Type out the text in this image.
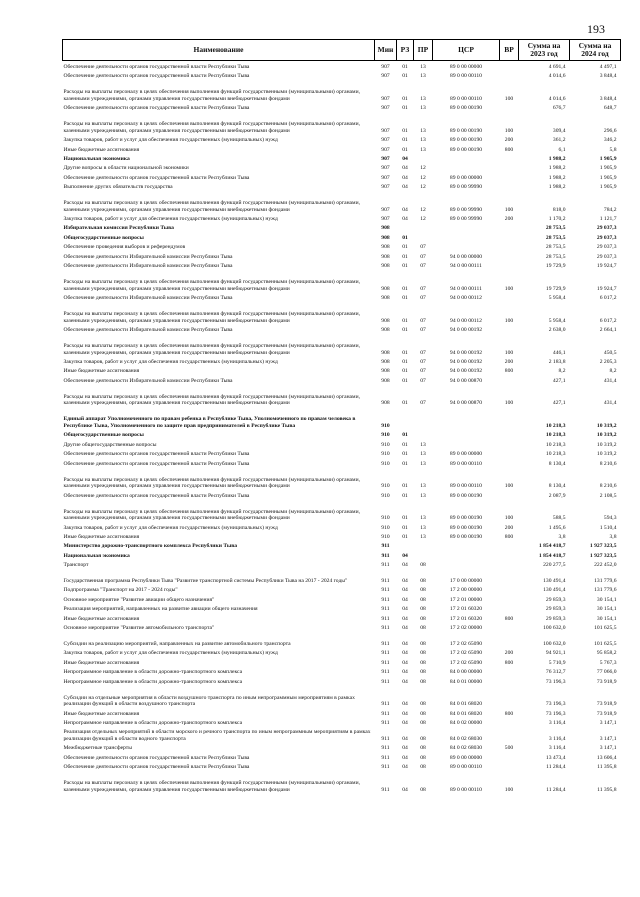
193
Наименование	Мин	РЗ	ПР	ЦСР	ВР	Сумма на 2023 год	Сумма на 2024 год
Обеспечение деятельности органов государственной власти Республики Тыва	907	01	13	89 0 00 00000		4 691,4	4 497,1
Обеспечение деятельности органов государственной власти Республики Тыва	907	01	13	89 0 00 00110		4 014,6	3 848,4
Расходы на выплаты персоналу в целях обеспечения выполнения функций государственными (муниципальными) органами, казенными учреждениями, органами управления государственными внебюджетными фондами	907	01	13	89 0 00 00110	100	4 014,6	3 848,4
Обеспечение деятельности органов государственной власти Республики Тыва	907	01	13	89 0 00 00190		676,7	648,7
Расходы на выплаты персоналу в целях обеспечения выполнения функций государственными (муниципальными) органами, казенными учреждениями, органами управления государственными внебюджетными фондами	907	01	13	89 0 00 00190	100	309,4	296,6
Закупка товаров, работ и услуг для обеспечения государственных (муниципальных) нужд	907	01	13	89 0 00 00190	200	361,2	346,2
Иные бюджетные ассигнования	907	01	13	89 0 00 00190	800	6,1	5,8
Национальная экономика	907	04				1 988,2	1 905,9
Другие вопросы в области национальной экономики	907	04	12			1 988,2	1 905,9
Обеспечение деятельности органов государственной власти Республики Тыва	907	04	12	89 0 00 00000		1 988,2	1 905,9
Выполнение других обязательств государства	907	04	12	89 0 00 99990		1 988,2	1 905,9
Расходы на выплаты персоналу в целях обеспечения выполнения функций государственными (муниципальными) органами, казенными учреждениями, органами управления государственными внебюджетными фондами	907	04	12	89 0 00 99990	100	818,0	784,2
Закупка товаров, работ и услуг для обеспечения государственных (муниципальных) нужд	907	04	12	89 0 00 99990	200	1 170,2	1 121,7
Избирательная комиссия Республики Тыва	908					28 753,5	29 037,3
Общегосударственные вопросы	908	01				28 753,5	29 037,3
Обеспечение проведения выборов и референдумов	908	01	07			28 753,5	29 037,3
Обеспечение деятельности Избирательной комиссии Республики Тыва	908	01	07	94 0 00 00000		28 753,5	29 037,3
Обеспечение деятельности Избирательной комиссии Республики Тыва	908	01	07	94 0 00 00111		19 729,9	19 924,7
Расходы на выплаты персоналу в целях обеспечения выполнения функций государственными (муниципальными) органами, казенными учреждениями, органами управления государственными внебюджетными фондами	908	01	07	94 0 00 00111	100	19 729,9	19 924,7
Обеспечение деятельности Избирательной комиссии Республики Тыва	908	01	07	94 0 00 00112		5 958,4	6 017,2
Расходы на выплаты персоналу в целях обеспечения выполнения функций государственными (муниципальными) органами, казенными учреждениями, органами управления государственными внебюджетными фондами	908	01	07	94 0 00 00112	100	5 958,4	6 017,2
Обеспечение деятельности Избирательной комиссии Республики Тыва	908	01	07	94 0 00 00192		2 638,0	2 664,1
Расходы на выплаты персоналу в целях обеспечения выполнения функций государственными (муниципальными) органами, казенными учреждениями, органами управления государственными внебюджетными фондами	908	01	07	94 0 00 00192	100	446,1	450,5
Закупка товаров, работ и услуг для обеспечения государственных (муниципальных) нужд	908	01	07	94 0 00 00192	200	2 183,8	2 205,3
Иные бюджетные ассигнования	908	01	07	94 0 00 00192	800	8,2	8,2
Обеспечение деятельности Избирательной комиссии Республики Тыва	908	01	07	94 0 00 00870		427,1	431,4
Расходы на выплаты персоналу в целях обеспечения выполнения функций государственными (муниципальными) органами, казенными учреждениями, органами управления государственными внебюджетными фондами	908	01	07	94 0 00 00870	100	427,1	431,4
Единый аппарат Уполномоченного по правам ребенка в Республике Тыва, Уполномоченного по правам человека в Республике Тыва, Уполномоченного по защите прав предпринимателей в Республике Тыва	910					10 218,3	10 319,2
Общегосударственные вопросы	910	01				10 218,3	10 319,2
Другие общегосударственные вопросы	910	01	13			10 218,3	10 319,2
Обеспечение деятельности органов государственной власти Республики Тыва	910	01	13	89 0 00 00000		10 218,3	10 319,2
Обеспечение деятельности органов государственной власти Республики Тыва	910	01	13	89 0 00 00110		8 130,4	8 210,6
Расходы на выплаты персоналу в целях обеспечения выполнения функций государственными (муниципальными) органами, казенными учреждениями, органами управления государственными внебюджетными фондами	910	01	13	89 0 00 00110	100	8 130,4	8 210,6
Обеспечение деятельности органов государственной власти Республики Тыва	910	01	13	89 0 00 00190		2 087,9	2 108,5
Расходы на выплаты персоналу в целях обеспечения выполнения функций государственными (муниципальными) органами, казенными учреждениями, органами управления государственными внебюджетными фондами	910	01	13	89 0 00 00190	100	588,5	594,3
Закупка товаров, работ и услуг для обеспечения государственных (муниципальных) нужд	910	01	13	89 0 00 00190	200	1 495,6	1 510,4
Иные бюджетные ассигнования	910	01	13	89 0 00 00190	800	3,8	3,8
Министерство дорожно-транспортного комплекса Республики Тыва	911					1 854 418,7	1 927 323,5
Национальная экономика	911	04				1 854 418,7	1 927 323,5
Транспорт	911	04	08			220 277,5	222 452,0
Государственная программа Республики Тыва "Развитие транспортной системы Республики Тыва на 2017 - 2024 годы"	911	04	08	17 0 00 00000		130 491,4	131 779,6
Подпрограмма "Транспорт на 2017 - 2024 годы"	911	04	08	17 2 00 00000		130 491,4	131 779,6
Основное мероприятие "Развитие авиации общего назначения"	911	04	08	17 2 01 00000		29 859,3	30 154,1
Реализация мероприятий, направленных на развитие авиации общего назначения	911	04	08	17 2 01 60320		29 859,3	30 154,1
Иные бюджетные ассигнования	911	04	08	17 2 01 60320	800	29 859,3	30 154,1
Основное мероприятие "Развитие автомобильного транспорта"	911	04	08	17 2 02 00000		100 632,0	101 625,5
Субсидии на реализацию мероприятий, направленных на развитие автомобильного транспорта	911	04	08	17 2 02 65090		100 632,0	101 625,5
Закупка товаров, работ и услуг для обеспечения государственных (муниципальных) нужд	911	04	08	17 2 02 65090	200	94 921,1	95 858,2
Иные бюджетные ассигнования	911	04	08	17 2 02 65090	800	5 710,9	5 767,3
Непрограммное направление в области дорожно-транспортного комплекса	911	04	08	84 0 00 00000		76 312,7	77 066,0
Непрограммное направление в области дорожно-транспортного комплекса	911	04	08	84 0 01 00000		73 196,3	73 918,9
Субсидии на отдельные мероприятия в области воздушного транспорта по иным непрограммным мероприятиям в рамках реализации функций в области воздушного транспорта	911	04	08	84 0 01 68020		73 196,3	73 918,9
Иные бюджетные ассигнования	911	04	08	84 0 01 68020	800	73 196,3	73 918,9
Непрограммное направление в области дорожно-транспортного комплекса	911	04	08	84 0 02 00000		3 116,4	3 147,1
Реализация отдельных мероприятий в области морского и речного транспорта по иным непрограммным мероприятиям в рамках реализации функций в области водного транспорта	911	04	08	84 0 02 68030		3 116,4	3 147,1
Межбюджетные трансферты	911	04	08	84 0 02 68030	500	3 116,4	3 147,1
Обеспечение деятельности органов государственной власти Республики Тыва	911	04	08	89 0 00 00000		13 473,4	13 606,4
Обеспечение деятельности органов государственной власти Республики Тыва	911	04	08	89 0 00 00110		11 284,4	11 395,8
Расходы на выплаты персоналу в целях обеспечения выполнения функций государственными (муниципальными) органами, казенными учреждениями, органами управления государственными внебюджетными фондами	911	04	08	89 0 00 00110	100	11 284,4	11 395,8
